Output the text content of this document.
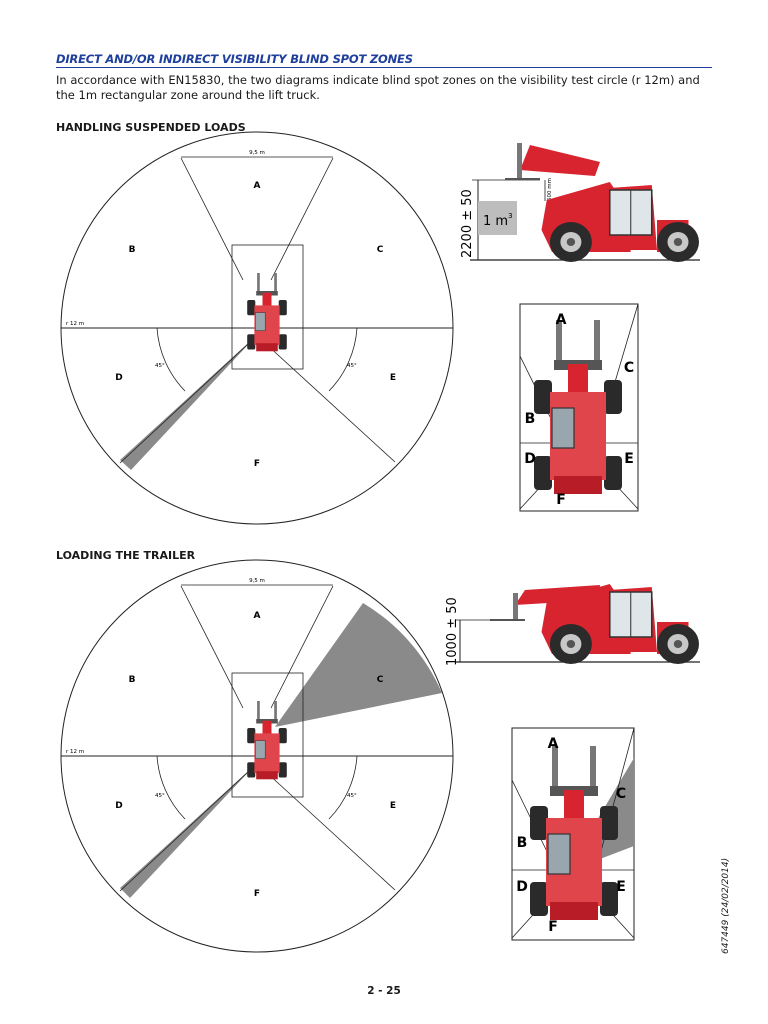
DIRECT AND/OR INDIRECT VISIBILITY BLIND SPOT ZONES
In accordance with EN15830, the two diagrams indicate blind spot zones on the visibility test circle (r 12m) and the 1m rectangular zone around the lift truck.
HANDLING SUSPENDED LOADS
LOADING THE TRAILER
9,5 m
r 12 m
45°	45°
A
B	C
D	E
F
1 $m^3$
2200 ± 50	600 mm
A
B
C
D	E
F
9,5 m
r 12 m
45°	45°
A
B	C
D	E
F
1000 ± 50
A
B
C
D	E
F
2 - 25
647449 (24/02/2014)
